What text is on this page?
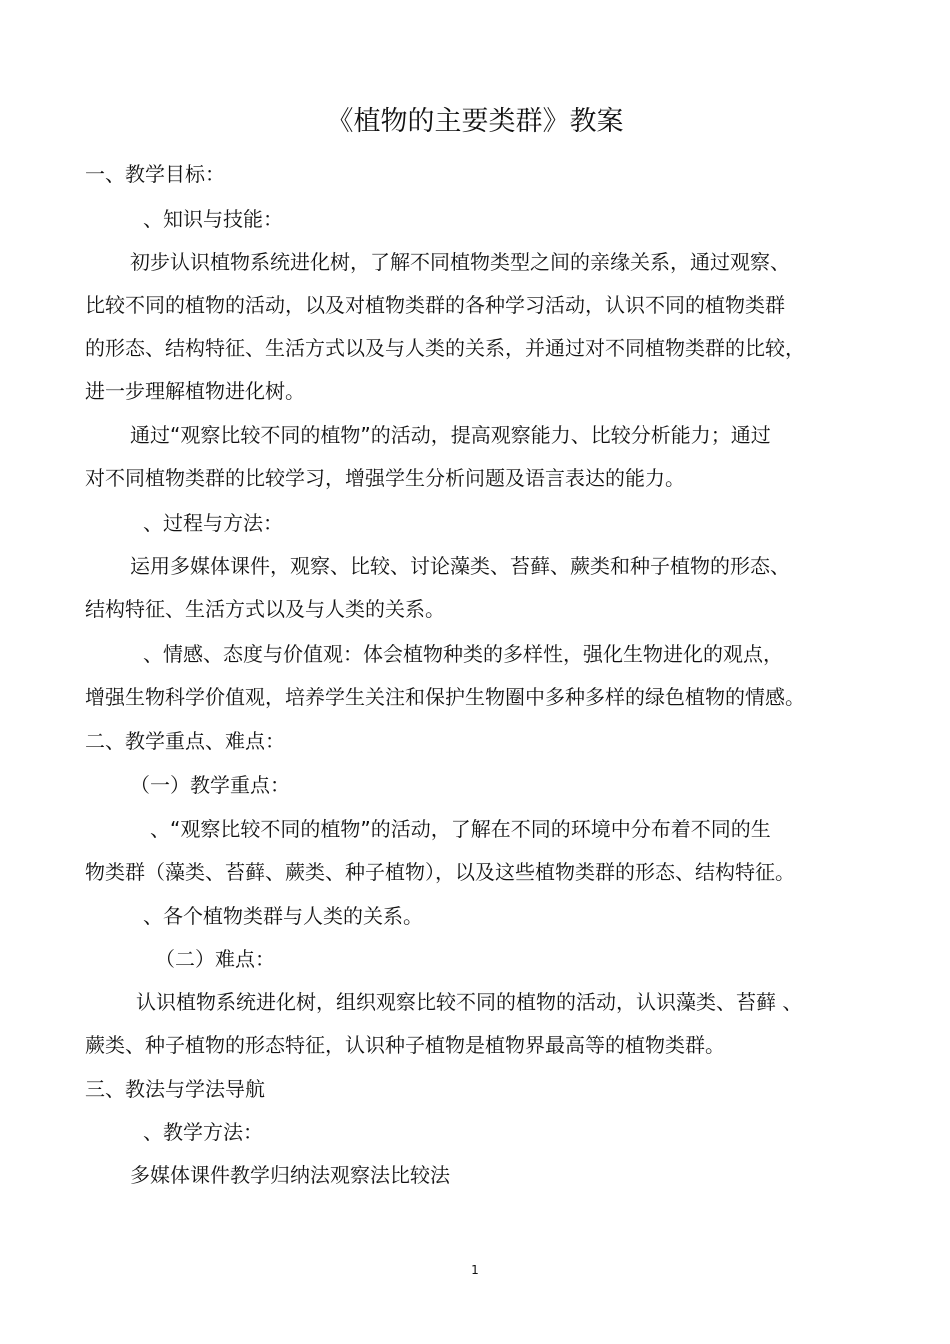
《植物的主要类群》教案
一、教学目标：
、知识与技能：
初步认识植物系统进化树，了解不同植物类型之间的亲缘关系，通过观察、
比较不同的植物的活动，以及对植物类群的各种学习活动，认识不同的植物类群
的形态、结构特征、生活方式以及与人类的关系，并通过对不同植物类群的比较，
进一步理解植物进化树。
通过“观察比较不同的植物”的活动，提高观察能力、比较分析能力；通过
对不同植物类群的比较学习，增强学生分析问题及语言表达的能力。
、过程与方法：
运用多媒体课件，观察、比较、讨论藻类、苔藓、蕨类和种子植物的形态、
结构特征、生活方式以及与人类的关系。
、情感、态度与价值观：体会植物种类的多样性，强化生物进化的观点，
增强生物科学价值观，培养学生关注和保护生物圈中多种多样的绿色植物的情感。
二、教学重点、难点：
（一）教学重点：
、“观察比较不同的植物”的活动，了解在不同的环境中分布着不同的生
物类群（藻类、苔藓、蕨类、种子植物），以及这些植物类群的形态、结构特征。
、各个植物类群与人类的关系。
（二）难点：
认识植物系统进化树，组织观察比较不同的植物的活动，认识藻类、苔藓 、
蕨类、种子植物的形态特征，认识种子植物是植物界最高等的植物类群。
三、教法与学法导航
、教学方法：
多媒体课件教学归纳法观察法比较法
1
